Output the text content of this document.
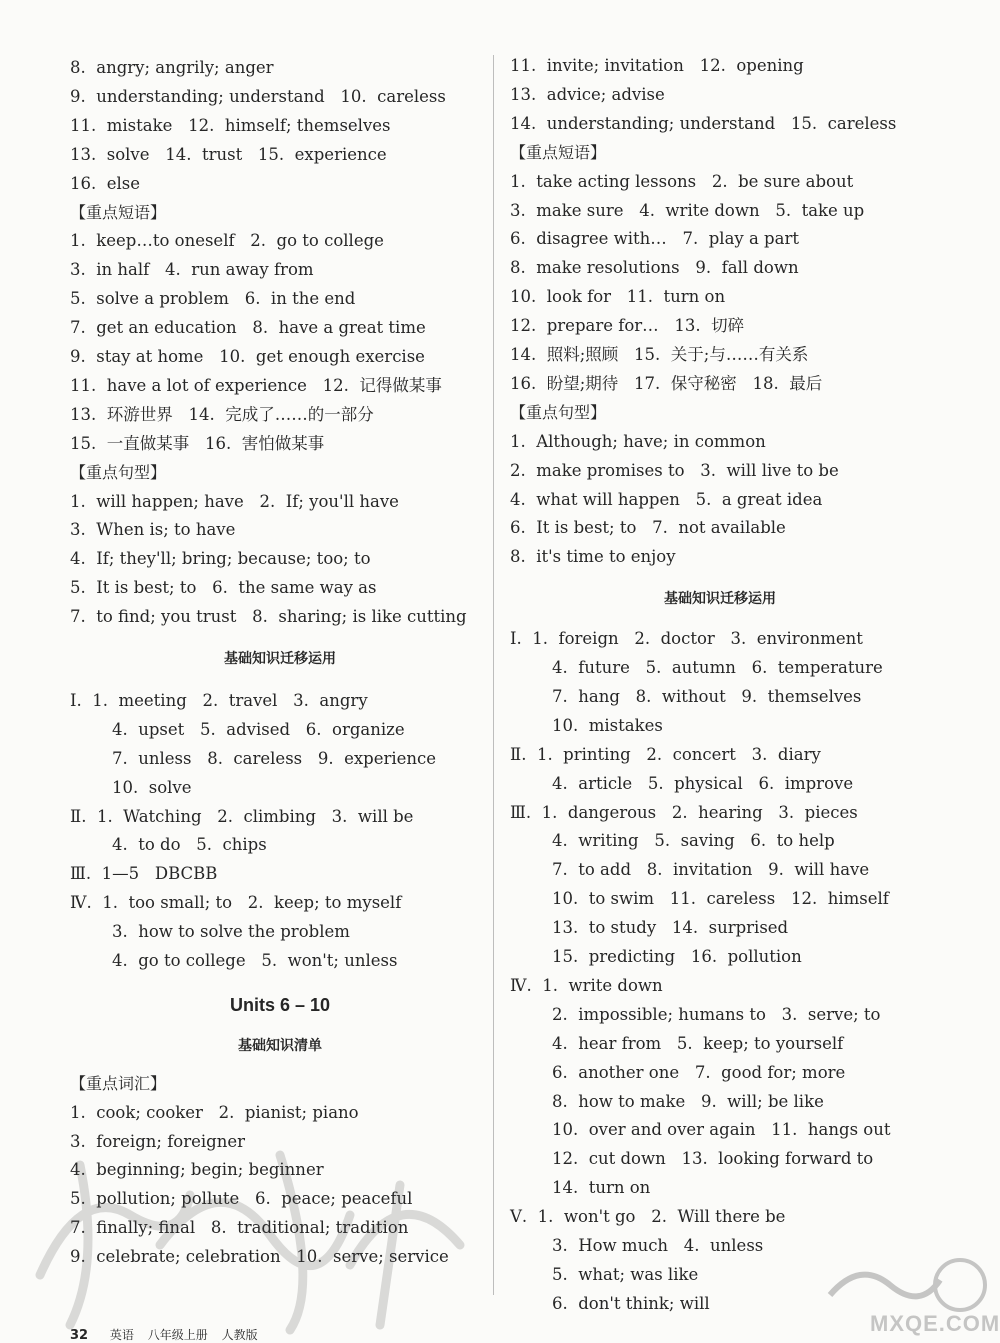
8.  angry; angrily; anger
9.  understanding; understand   10.  careless
11.  mistake   12.  himself; themselves
13.  solve   14.  trust   15.  experience
16.  else
【重点短语】
1.  keep…to oneself   2.  go to college
3.  in half   4.  run away from
5.  solve a problem   6.  in the end
7.  get an education   8.  have a great time
9.  stay at home   10.  get enough exercise
11.  have a lot of experience   12.  记得做某事
13.  环游世界   14.  完成了……的一部分
15.  一直做某事   16.  害怕做某事
【重点句型】
1.  will happen; have   2.  If; you'll have
3.  When is; to have
4.  If; they'll; bring; because; too; to
5.  It is best; to   6.  the same way as
7.  to find; you trust   8.  sharing; is like cutting
基础知识迁移运用
Ⅰ.  1.  meeting   2.  travel   3.  angry
4.  upset   5.  advised   6.  organize
7.  unless   8.  careless   9.  experience
10.  solve
Ⅱ.  1.  Watching   2.  climbing   3.  will be
4.  to do   5.  chips
Ⅲ.  1—5   DBCBB
Ⅳ.  1.  too small; to   2.  keep; to myself
3.  how to solve the problem
4.  go to college   5.  won't; unless
Units 6 – 10
基础知识清单
【重点词汇】
1.  cook; cooker   2.  pianist; piano
3.  foreign; foreigner
4.  beginning; begin; beginner
5.  pollution; pollute   6.  peace; peaceful
7.  finally; final   8.  traditional; tradition
9.  celebrate; celebration   10.  serve; service
11.  invite; invitation   12.  opening
13.  advice; advise
14.  understanding; understand   15.  careless
【重点短语】
1.  take acting lessons   2.  be sure about
3.  make sure   4.  write down   5.  take up
6.  disagree with…   7.  play a part
8.  make resolutions   9.  fall down
10.  look for   11.  turn on
12.  prepare for…   13.  切碎
14.  照料;照顾   15.  关于;与……有关系
16.  盼望;期待   17.  保守秘密   18.  最后
【重点句型】
1.  Although; have; in common
2.  make promises to   3.  will live to be
4.  what will happen   5.  a great idea
6.  It is best; to   7.  not available
8.  it's time to enjoy
基础知识迁移运用
Ⅰ.  1.  foreign   2.  doctor   3.  environment
4.  future   5.  autumn   6.  temperature
7.  hang   8.  without   9.  themselves
10.  mistakes
Ⅱ.  1.  printing   2.  concert   3.  diary
4.  article   5.  physical   6.  improve
Ⅲ.  1.  dangerous   2.  hearing   3.  pieces
4.  writing   5.  saving   6.  to help
7.  to add   8.  invitation   9.  will have
10.  to swim   11.  careless   12.  himself
13.  to study   14.  surprised
15.  predicting   16.  pollution
Ⅳ.  1.  write down
2.  impossible; humans to   3.  serve; to
4.  hear from   5.  keep; to yourself
6.  another one   7.  good for; more
8.  how to make   9.  will; be like
10.  over and over again   11.  hangs out
12.  cut down   13.  looking forward to
14.  turn on
Ⅴ.  1.  won't go   2.  Will there be
3.  How much   4.  unless
5.  what; was like
6.  don't think; will
MXQE.COM
32 英语 八年级上册 人教版
